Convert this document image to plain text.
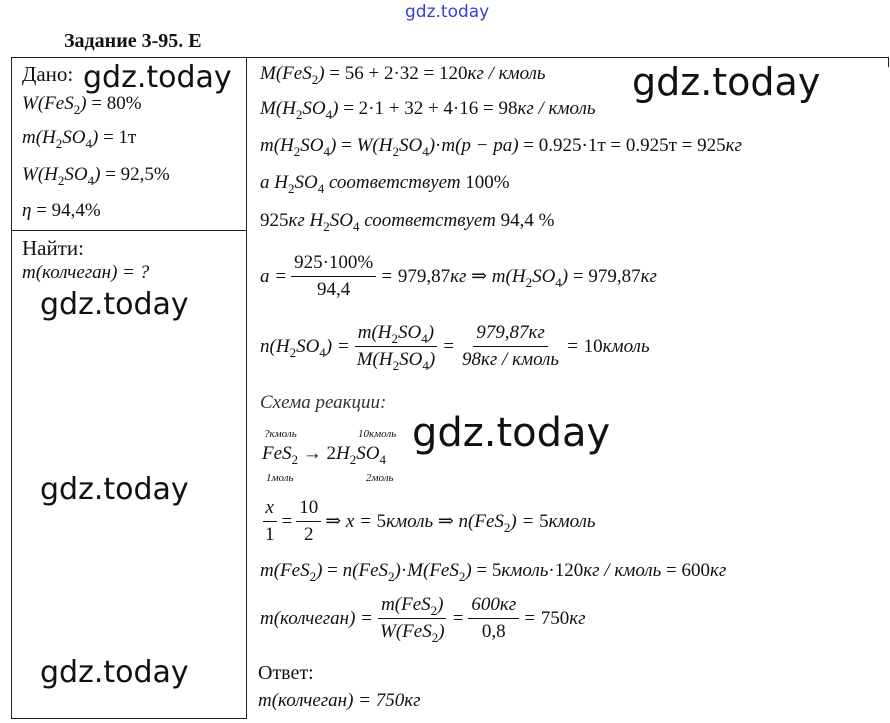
gdz.today
Задание 3-95. Е
Дано:
W(FeS$_2$) = 80%
$m(H_2SO_4) = 1т$
$W(H_2SO_4) = 92,5\%$
η = 94,4%
Найти:
m(колчеган) = ?
M(FeS$_2$) = 56 + 2·32 = 120кг / кмоль
$M(H_2SO_4) = 2\cdot 1 + 32 + 4\cdot 16 = 98кг$ / кмоль
$m(H_2SO_4) = W(H_2SO_4)\cdot m(p - pa) = 0.925\cdot 1т = 0.925т = 925кг$
a $H_2SO_4$ соответствует 100%
925кг $H_2SO_4$ соответствует 94,4 %
$a = \frac{925\cdot 100\%}{94,4} = 979,87кг$ ⇒ $m(H_2SO_4) = 979,87кг$
$n(H_2SO_4) = \frac{m(H_2SO_4)}{M(H_2SO_4)} = \frac{979,87кг}{\text{98кг / кмоль}}$ = 10кмоль
Схема реакции:
?кмоль	10кмоль
$FeS_2 \to 2H_2SO_4$
1моль	2моль
$\frac{x}{1} = \frac{10}{2}$ ⇒ x = 5кмоль ⇒ n(FeS$_2$) = 5кмоль
m(FeS$_2$) = n(FeS$_2$)·M(FeS$_2$) = 5кмоль·120кг / кмоль = 600кг
m(колчеган) = $\frac{m(FeS_2)}{W(FeS_2)} = \frac{600кг}{0,8} = 750кг$
Ответ:
m(колчеган) = 750кг
gdz.today	gdz.today
gdz.today
gdz.today
gdz.today
gdz.today
